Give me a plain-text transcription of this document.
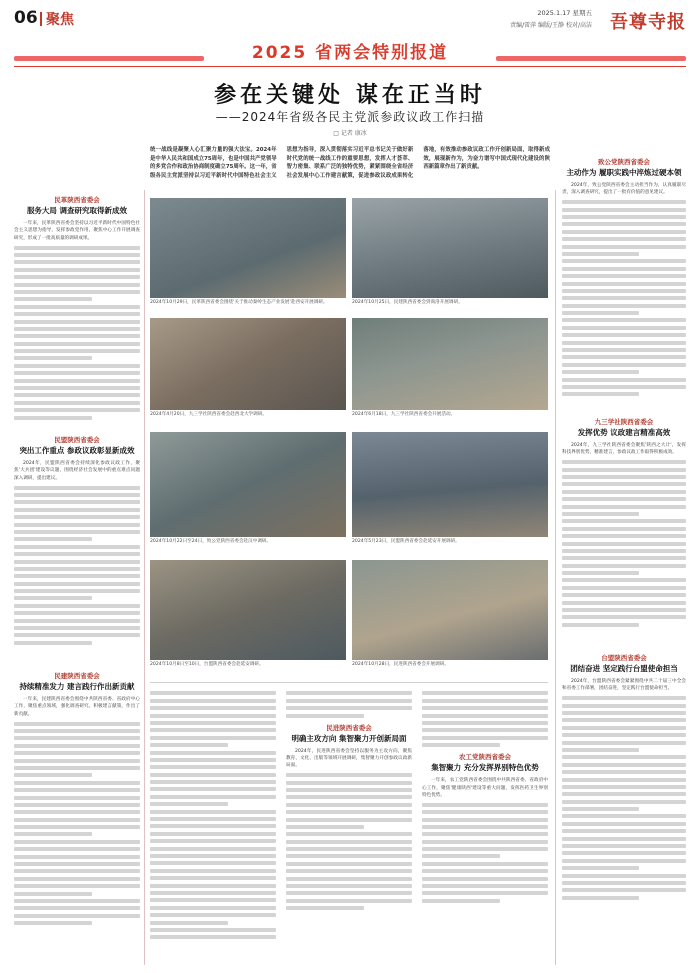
06 聚焦	2025.1.17 星期五
责编/雷萍 编版/王静 校对/高洁 吾尊寺报
2025 省两会特别报道
参在关键处 谋在正当时
——2024年省级各民主党派参政议政工作扫描
□ 记者 康冰
统一战线是凝聚人心汇聚力量的强大法宝。2024年是中华人民共和国成立75周年，也是中国共产党领导的多党合作和政治协商制度确立75周年。这一年，省级各民主党派坚持以习近平新时代中国特色社会主义思想为指导，深入贯彻落实习近平总书记关于做好新时代党的统一战线工作的重要思想，发挥人才荟萃、智力密集、联系广泛的独特优势，紧紧围绕全省经济社会发展中心工作建言献策，促进参政议政成果转化落地，有效推动参政议政工作开创新局面，取得新成效，展现新作为，为奋力谱写中国式现代化建设的陕西新篇章作出了新贡献。
民革陕西省委会
服务大局 调查研究取得新成效
一年来，民革陕西省委会坚持以习近平新时代中国特色社会主义思想为指导，发挥参政党作用，聚焦中心工作开展调查研究，形成了一批高质量的调研成果。
民盟陕西省委会
突出工作重点 参政议政彰显新成效
2024年，民盟陕西省委会持续深化参政议政工作，聚焦'大兵团'建设等议题，围绕经济社会发展中的重点难点问题深入调研，提出建议。
民建陕西省委会
持续精准发力 建言践行作出新贡献
一年来，民建陕西省委会围绕中共陕西省委、省政府中心工作，聚焦重点领域，强化调查研究，积极建言献策，作出了新贡献。
2024年10月29日，民革陕西省委会围绕'关于推动秦岭生态产业发展'赴西安开展调研。	2024年10月25日，民建陕西省委会到商洛开展调研。
2024年4月20日，九三学社陕西省委会赴西北大学调研。	2024年6月18日，九三学社陕西省委会开展活动。
2024年10月22日至24日，致公党陕西省委会赴汉中调研。	2024年5月23日，民盟陕西省委会赴延安开展调研。
2024年10月8日至10日，台盟陕西省委会赴延安调研。	2024年10月28日，民进陕西省委会开展调研。
民进陕西省委会
明确主攻方向 集智聚力开创新局面
2024年，民进陕西省委会坚持以服务为主攻方向，聚焦教育、文化、出版等领域开展调研，集智聚力开创参政议政新局面。
农工党陕西省委会
集智聚力 充分发挥界别特色优势
一年来，农工党陕西省委会围绕中共陕西省委、省政府中心工作，聚焦'健康陕西'建设等重大问题，发挥医药卫生界别特色优势。
致公党陕西省委会
主动作为 履职实践中淬炼过硬本领
2024年，致公党陕西省委会主动担当作为，认真履职尽责，深入调查研究，提出了一批有价值的意见建议。
九三学社陕西省委会
发挥优势 议政建言精准高效
2024年，九三学社陕西省委会聚焦'陕西之大计'，发挥科技界别优势，精准建言，参政议政工作取得积极成效。
台盟陕西省委会
团结奋进 坚定践行台盟使命担当
2024年，台盟陕西省委会紧紧围绕中共二十届三中全会和省委工作部署，团结奋进，坚定践行台盟使命担当。
